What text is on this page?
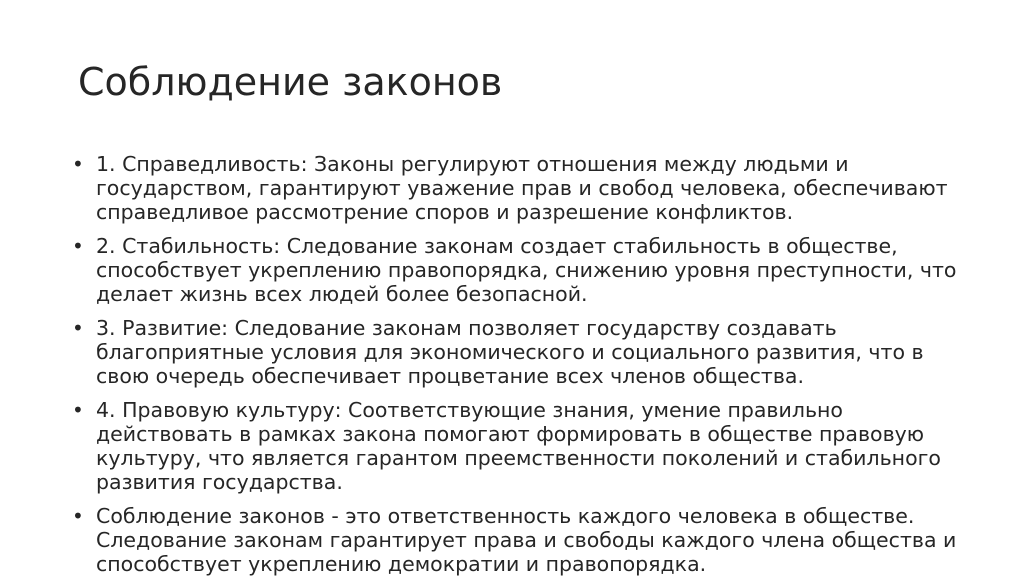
Соблюдение законов
• 1. Справедливость: Законы регулируют отношения между людьми и государством, гарантируют уважение прав и свобод человека, обеспечивают справедливое рассмотрение споров и разрешение конфликтов.
• 2. Стабильность: Следование законам создает стабильность в обществе, способствует укреплению правопорядка, снижению уровня преступности, что делает жизнь всех людей более безопасной.
• 3. Развитие: Следование законам позволяет государству создавать благоприятные условия для экономического и социального развития, что в свою очередь обеспечивает процветание всех членов общества.
• 4. Правовую культуру: Соответствующие знания, умение правильно действовать в рамках закона помогают формировать в обществе правовую культуру, что является гарантом преемственности поколений и стабильного развития государства.
• Соблюдение законов - это ответственность каждого человека в обществе. Следование законам гарантирует права и свободы каждого члена общества и способствует укреплению демократии и правопорядка.
